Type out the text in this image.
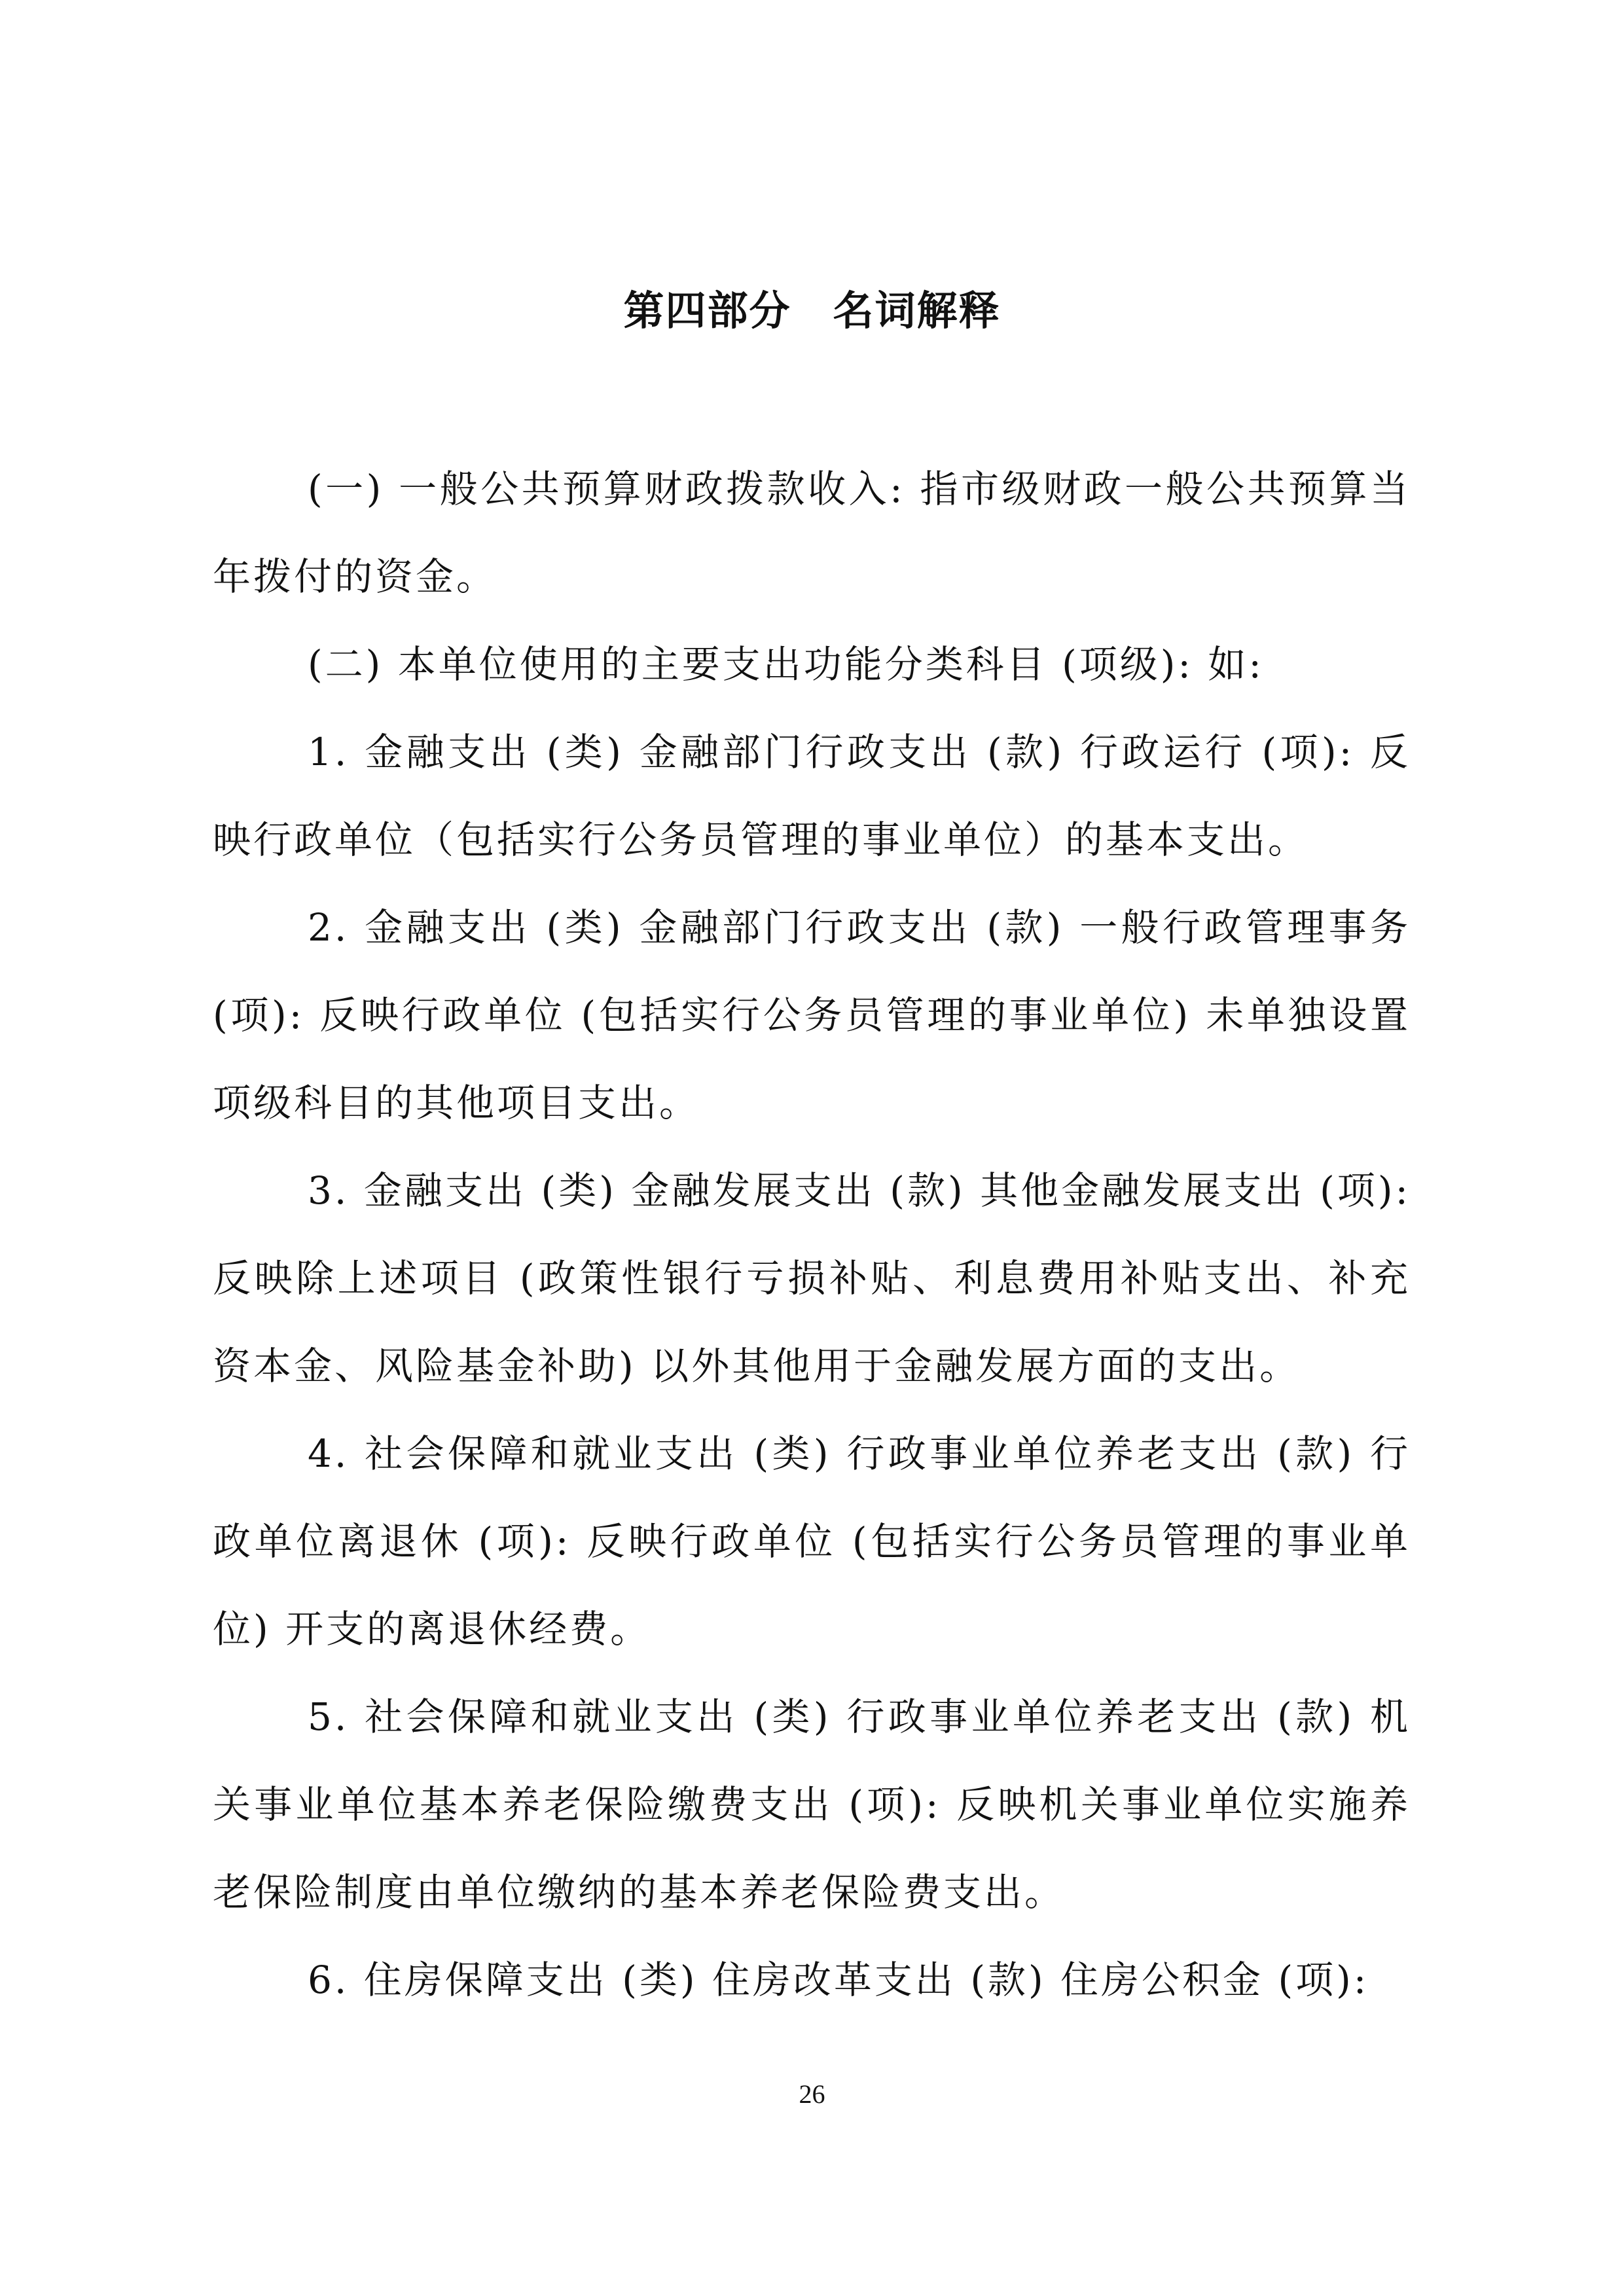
第四部分　名词解释

(一) 一般公共预算财政拨款收入: 指市级财政一般公共预算当年拨付的资金。

(二) 本单位使用的主要支出功能分类科目 (项级): 如:

1. 金融支出 (类) 金融部门行政支出 (款) 行政运行 (项): 反映行政单位（包括实行公务员管理的事业单位）的基本支出。

2. 金融支出 (类) 金融部门行政支出 (款) 一般行政管理事务 (项): 反映行政单位 (包括实行公务员管理的事业单位) 未单独设置项级科目的其他项目支出。

3. 金融支出 (类) 金融发展支出 (款) 其他金融发展支出 (项): 反映除上述项目 (政策性银行亏损补贴、利息费用补贴支出、补充资本金、风险基金补助) 以外其他用于金融发展方面的支出。

4. 社会保障和就业支出 (类) 行政事业单位养老支出 (款) 行政单位离退休 (项): 反映行政单位 (包括实行公务员管理的事业单位) 开支的离退休经费。

5. 社会保障和就业支出 (类) 行政事业单位养老支出 (款) 机关事业单位基本养老保险缴费支出 (项): 反映机关事业单位实施养老保险制度由单位缴纳的基本养老保险费支出。

6. 住房保障支出 (类) 住房改革支出 (款) 住房公积金 (项):

26
